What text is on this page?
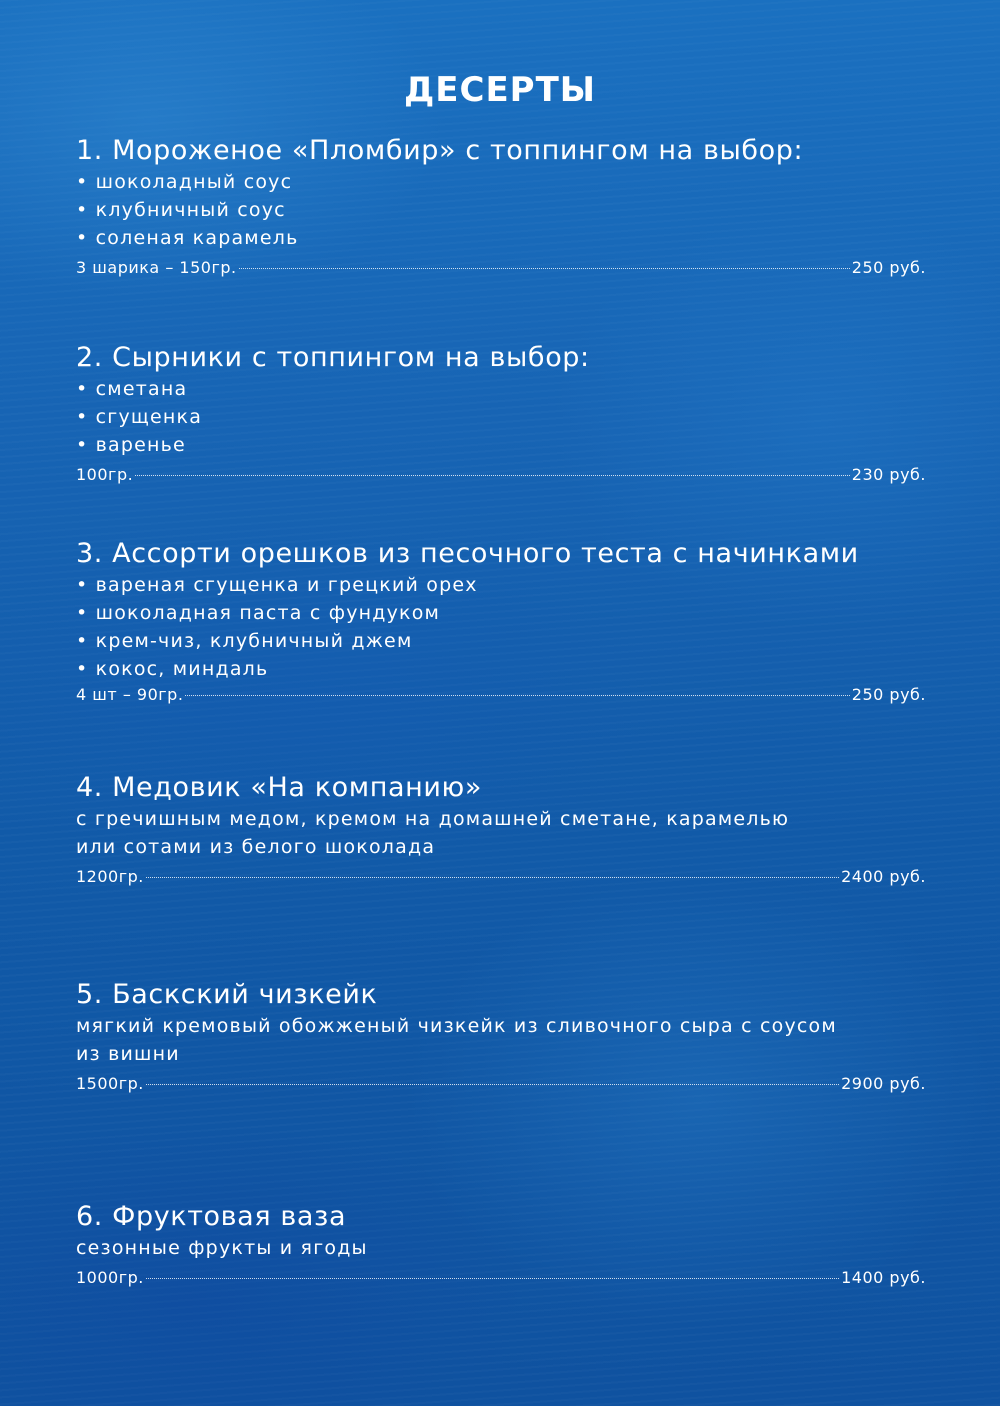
ДЕСЕРТЫ
1. Мороженое «Пломбир» с топпингом на выбор:
• шоколадный соус
• клубничный соус
• соленая карамель
3 шарика – 150гр.	250 руб.
2. Сырники с топпингом на выбор:
• сметана
• сгущенка
• варенье
100гр.	230 руб.
3. Ассорти орешков из песочного теста с начинками
• вареная сгущенка и грецкий орех
• шоколадная паста с фундуком
• крем-чиз, клубничный джем
• кокос, миндаль
4 шт – 90гр.	250 руб.
4. Медовик «На компанию»
с гречишным медом, кремом на домашней сметане, карамелью
или сотами из белого шоколада
1200гр.	2400 руб.
5. Баскский чизкейк
мягкий кремовый обожженый чизкейк из сливочного сыра с соусом
из вишни
1500гр.	2900 руб.
6. Фруктовая ваза
сезонные фрукты и ягоды
1000гр.	1400 руб.
